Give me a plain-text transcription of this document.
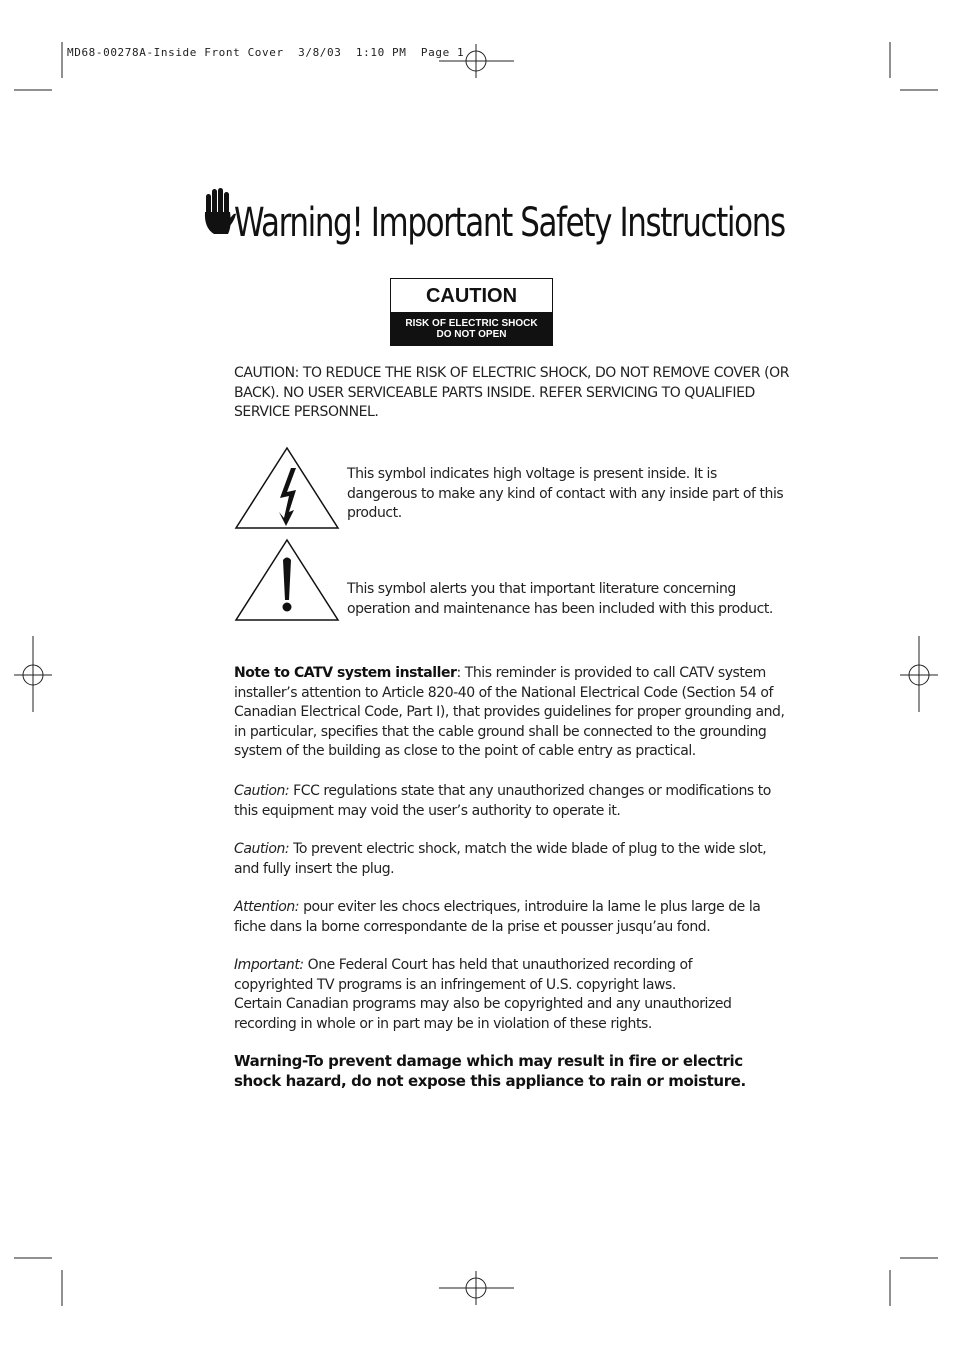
MD68-00278A-Inside Front Cover  3/8/03  1:10 PM  Page 1
Warning! Important Safety Instructions
CAUTION
RISK OF ELECTRIC SHOCK
DO NOT OPEN
CAUTION: TO REDUCE THE RISK OF ELECTRIC SHOCK, DO NOT REMOVE COVER (OR BACK). NO USER SERVICEABLE PARTS INSIDE. REFER SERVICING TO QUALIFIED SERVICE PERSONNEL.
This symbol indicates high voltage is present inside. It is dangerous to make any kind of contact with any inside part of this product.
This symbol alerts you that important literature concerning operation and maintenance has been included with this product.
Note to CATV system installer: This reminder is provided to call CATV system installer’s attention to Article 820-40 of the National Electrical Code (Section 54 of Canadian Electrical Code, Part I), that provides guidelines for proper grounding and, in particular, specifies that the cable ground shall be connected to the grounding system of the building as close to the point of cable entry as practical.
Caution: FCC regulations state that any unauthorized changes or modifications to this equipment may void the user’s authority to operate it.
Caution: To prevent electric shock, match the wide blade of plug to the wide slot, and fully insert the plug.
Attention: pour eviter les chocs electriques, introduire la lame le plus large de la fiche dans la borne correspondante de la prise et pousser jusqu’au fond.
Important: One Federal Court has held that unauthorized recording of
copyrighted TV programs is an infringement of U.S. copyright laws.
Certain Canadian programs may also be copyrighted and any unauthorized recording in whole or in part may be in violation of these rights.
Warning-To prevent damage which may result in fire or electric shock hazard, do not expose this appliance to rain or moisture.
